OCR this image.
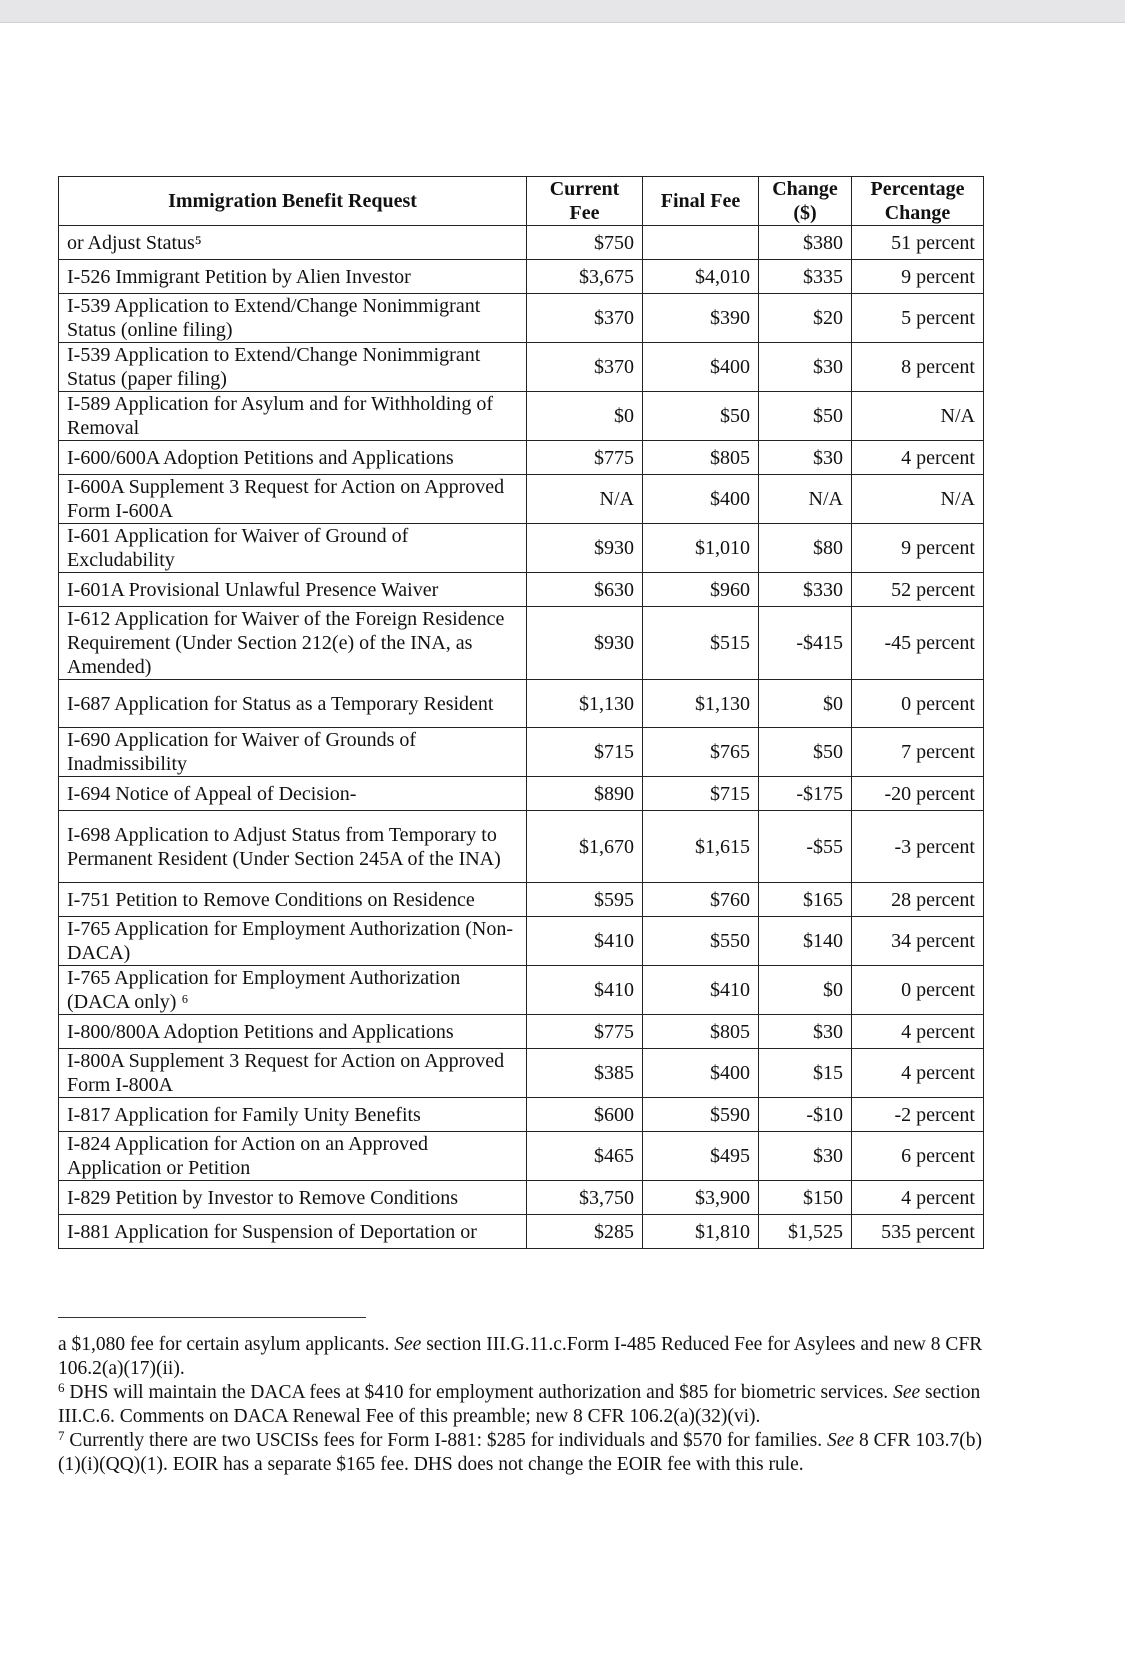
Immigration Benefit Request	Current Fee	Final Fee	Change ($)	Percentage Change
or Adjust Status⁵	$750		$380	51 percent
I-526 Immigrant Petition by Alien Investor	$3,675	$4,010	$335	9 percent
I-539 Application to Extend/Change Nonimmigrant Status (online filing)	$370	$390	$20	5 percent
I-539 Application to Extend/Change Nonimmigrant Status (paper filing)	$370	$400	$30	8 percent
I-589 Application for Asylum and for Withholding of Removal	$0	$50	$50	N/A
I-600/600A Adoption Petitions and Applications	$775	$805	$30	4 percent
I-600A Supplement 3 Request for Action on Approved Form I-600A	N/A	$400	N/A	N/A
I-601 Application for Waiver of Ground of Excludability	$930	$1,010	$80	9 percent
I-601A Provisional Unlawful Presence Waiver	$630	$960	$330	52 percent
I-612 Application for Waiver of the Foreign Residence Requirement (Under Section 212(e) of the INA, as Amended)	$930	$515	-$415	-45 percent
I-687 Application for Status as a Temporary Resident	$1,130	$1,130	$0	0 percent
I-690 Application for Waiver of Grounds of Inadmissibility	$715	$765	$50	7 percent
I-694 Notice of Appeal of Decision-	$890	$715	-$175	-20 percent
I-698 Application to Adjust Status from Temporary to Permanent Resident (Under Section 245A of the INA)	$1,670	$1,615	-$55	-3 percent
I-751 Petition to Remove Conditions on Residence	$595	$760	$165	28 percent
I-765 Application for Employment Authorization (Non-DACA)	$410	$550	$140	34 percent
I-765 Application for Employment Authorization (DACA only) ⁶	$410	$410	$0	0 percent
I-800/800A Adoption Petitions and Applications	$775	$805	$30	4 percent
I-800A Supplement 3 Request for Action on Approved Form I-800A	$385	$400	$15	4 percent
I-817 Application for Family Unity Benefits	$600	$590	-$10	-2 percent
I-824 Application for Action on an Approved Application or Petition	$465	$495	$30	6 percent
I-829 Petition by Investor to Remove Conditions	$3,750	$3,900	$150	4 percent
I-881 Application for Suspension of Deportation or	$285	$1,810	$1,525	535 percent

a $1,080 fee for certain asylum applicants. See section III.G.11.c.Form I-485 Reduced Fee for Asylees and new 8 CFR 106.2(a)(17)(ii).

$^6$ DHS will maintain the DACA fees at $410 for employment authorization and $85 for biometric services. See section III.C.6. Comments on DACA Renewal Fee of this preamble; new 8 CFR 106.2(a)(32)(vi).

$^7$ Currently there are two USCISs fees for Form I-881: $285 for individuals and $570 for families. See 8 CFR 103.7(b)(1)(i)(QQ)(1). EOIR has a separate $165 fee. DHS does not change the EOIR fee with this rule.
